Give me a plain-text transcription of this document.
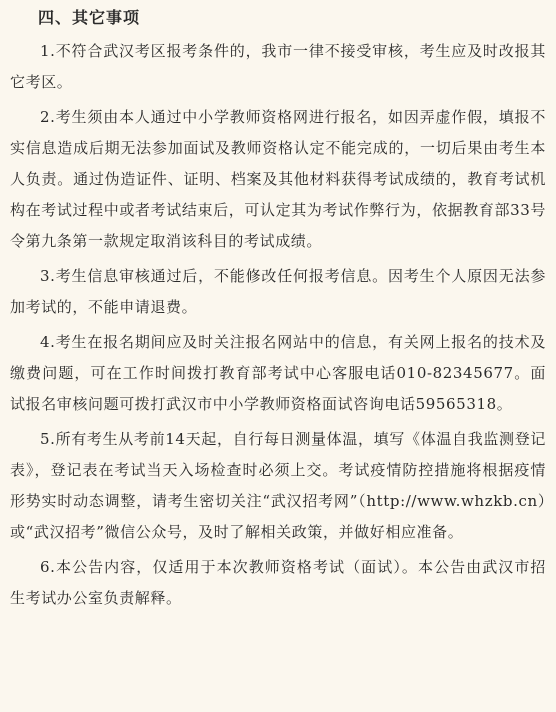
四、其它事项

1.不符合武汉考区报考条件的，我市一律不接受审核，考生应及时改报其它考区。

2.考生须由本人通过中小学教师资格网进行报名，如因弄虚作假，填报不实信息造成后期无法参加面试及教师资格认定不能完成的，一切后果由考生本人负责。通过伪造证件、证明、档案及其他材料获得考试成绩的，教育考试机构在考试过程中或者考试结束后，可认定其为考试作弊行为，依据教育部33号令第九条第一款规定取消该科目的考试成绩。

3.考生信息审核通过后，不能修改任何报考信息。因考生个人原因无法参加考试的，不能申请退费。

4.考生在报名期间应及时关注报名网站中的信息，有关网上报名的技术及缴费问题，可在工作时间拨打教育部考试中心客服电话010-82345677。面试报名审核问题可拨打武汉市中小学教师资格面试咨询电话59565318。

5.所有考生从考前14天起，自行每日测量体温，填写《体温自我监测登记表》，登记表在考试当天入场检查时必须上交。考试疫情防控措施将根据疫情形势实时动态调整，请考生密切关注“武汉招考网”（http://www.whzkb.cn）或“武汉招考”微信公众号，及时了解相关政策，并做好相应准备。

6.本公告内容，仅适用于本次教师资格考试（面试）。本公告由武汉市招生考试办公室负责解释。
